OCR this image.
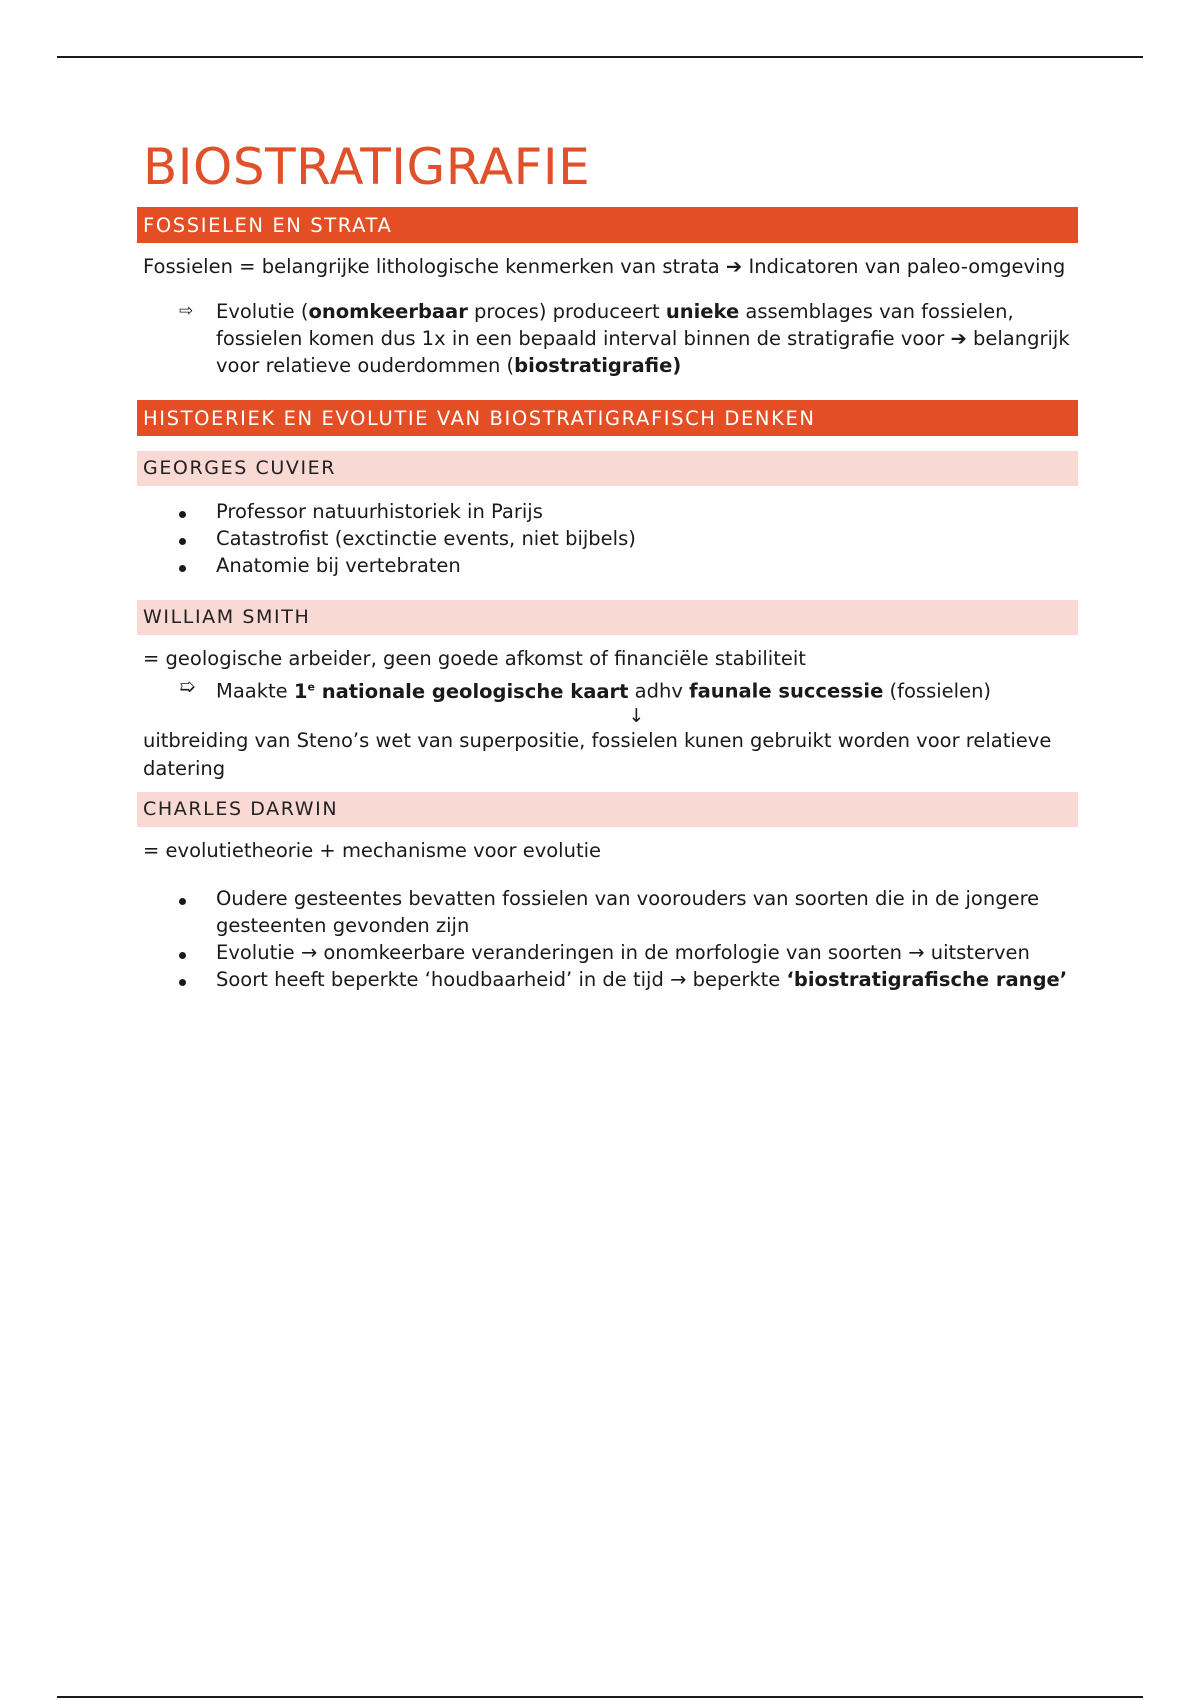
BIOSTRATIGRAFIE
FOSSIELEN EN STRATA

Fossielen = belangrijke lithologische kenmerken van strata ➔ Indicatoren van paleo-omgeving

⇨ Evolutie (onomkeerbaar proces) produceert unieke assemblages van fossielen, fossielen komen dus 1x in een bepaald interval binnen de stratigrafie voor ➔ belangrijk voor relatieve ouderdommen (biostratigrafie)
HISTOERIEK EN EVOLUTIE VAN BIOSTRATIGRAFISCH DENKEN
GEORGES CUVIER
Professor natuurhistoriek in Parijs
Catastrofist (exctinctie events, niet bijbels)
Anatomie bij vertebraten
WILLIAM SMITH

= geologische arbeider, geen goede afkomst of financiële stabiliteit

➯ Maakte 1e nationale geologische kaart adhv faunale successie (fossielen)
↓

uitbreiding van Steno’s wet van superpositie, fossielen kunen gebruikt worden voor relatieve datering

CHARLES DARWIN

= evolutietheorie + mechanisme voor evolutie

Oudere gesteentes bevatten fossielen van voorouders van soorten die in de jongere gesteenten gevonden zijn
Evolutie → onomkeerbare veranderingen in de morfologie van soorten → uitsterven
Soort heeft beperkte ‘houdbaarheid’ in de tijd → beperkte ‘biostratigrafische range’
